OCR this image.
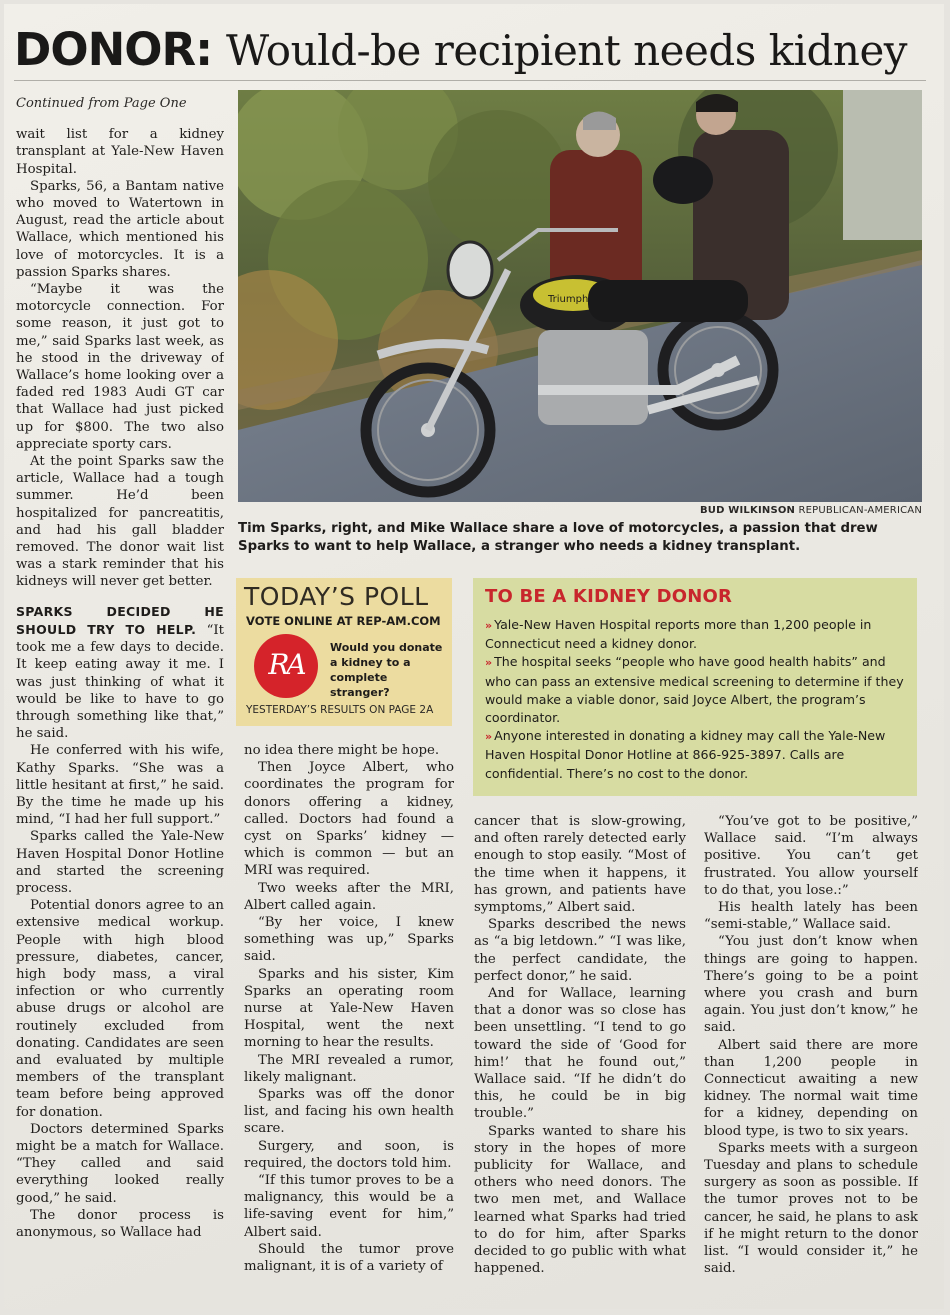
DONOR: Would-be recipient needs kidney
Continued from Page One

wait list for a kidney transplant at Yale-New Haven Hospital.

Sparks, 56, a Bantam native who moved to Watertown in August, read the article about Wallace, which mentioned his love of motorcycles. It is a passion Sparks shares.

“Maybe it was the motorcycle connection. For some reason, it just got to me,” said Sparks last week, as he stood in the driveway of Wallace’s home looking over a faded red 1983 Audi GT car that Wallace had just picked up for $800. The two also appreciate sporty cars.

At the point Sparks saw the article, Wallace had a tough summer. He’d been hospitalized for pancreatitis, and had his gall bladder removed. The donor wait list was a stark reminder that his kidneys will never get better.

SPARKS DECIDED HE SHOULD TRY TO HELP. “It took me a few days to decide. It keep eating away it me. I was just thinking of what it would be like to have to go through something like that,” he said.

He conferred with his wife, Kathy Sparks. “She was a little hesitant at first,” he said. By the time he made up his mind, “I had her full support.”

Sparks called the Yale-New Haven Hospital Donor Hotline and started the screening process.

Potential donors agree to an extensive medical workup. People with high blood pressure, diabetes, cancer, high body mass, a viral infection or who currently abuse drugs or alcohol are routinely excluded from donating. Candidates are seen and evaluated by multiple members of the transplant team before being approved for donation.

Doctors determined Sparks might be a match for Wallace. “They called and said everything looked really good,” he said.

The donor process is anonymous, so Wallace had

Triumph
BUD WILKINSON REPUBLICAN-AMERICAN
Tim Sparks, right, and Mike Wallace share a love of motorcycles, a passion that drew Sparks to want to help Wallace, a stranger who needs a kidney transplant.
TODAY’S POLL
VOTE ONLINE AT REP-AM.COM
RA
Would you donate a kidney to a complete stranger?
YESTERDAY’S RESULTS ON PAGE 2A
TO BE A KIDNEY DONOR

» Yale-New Haven Hospital reports more than 1,200 people in Connecticut need a kidney donor.

» The hospital seeks “people who have good health habits” and who can pass an extensive medical screening to determine if they would make a viable donor, said Joyce Albert, the program’s coordinator.

» Anyone interested in donating a kidney may call the Yale-New Haven Hospital Donor Hotline at 866-925-3897. Calls are confidential. There’s no cost to the donor.

no idea there might be hope.

Then Joyce Albert, who coordinates the program for donors offering a kidney, called. Doctors had found a cyst on Sparks’ kidney — which is common — but an MRI was required.

Two weeks after the MRI, Albert called again.

“By her voice, I knew something was up,” Sparks said.

Sparks and his sister, Kim Sparks an operating room nurse at Yale-New Haven Hospital, went the next morning to hear the results.

The MRI revealed a rumor, likely malignant.

Sparks was off the donor list, and facing his own health scare.

Surgery, and soon, is required, the doctors told him.

“If this tumor proves to be a malignancy, this would be a life-saving event for him,” Albert said.

Should the tumor prove malignant, it is of a variety of

cancer that is slow-growing, and often rarely detected early enough to stop easily. “Most of the time when it happens, it has grown, and patients have symptoms,” Albert said.

Sparks described the news as “a big letdown.” “I was like, the perfect candidate, the perfect donor,” he said.

And for Wallace, learning that a donor was so close has been unsettling. “I tend to go toward the side of ‘Good for him!’ that he found out,” Wallace said. “If he didn’t do this, he could be in big trouble.”

Sparks wanted to share his story in the hopes of more publicity for Wallace, and others who need donors. The two men met, and Wallace learned what Sparks had tried to do for him, after Sparks decided to go public with what happened.

“You’ve got to be positive,” Wallace said. “I’m always positive. You can’t get frustrated. You allow yourself to do that, you lose.:”

His health lately has been “semi-stable,” Wallace said.

“You just don’t know when things are going to happen. There’s going to be a point where you crash and burn again. You just don’t know,” he said.

Albert said there are more than 1,200 people in Connecticut awaiting a new kidney. The normal wait time for a kidney, depending on blood type, is two to six years.

Sparks meets with a surgeon Tuesday and plans to schedule surgery as soon as possible. If the tumor proves not to be cancer, he said, he plans to ask if he might return to the donor list. “I would consider it,” he said.
